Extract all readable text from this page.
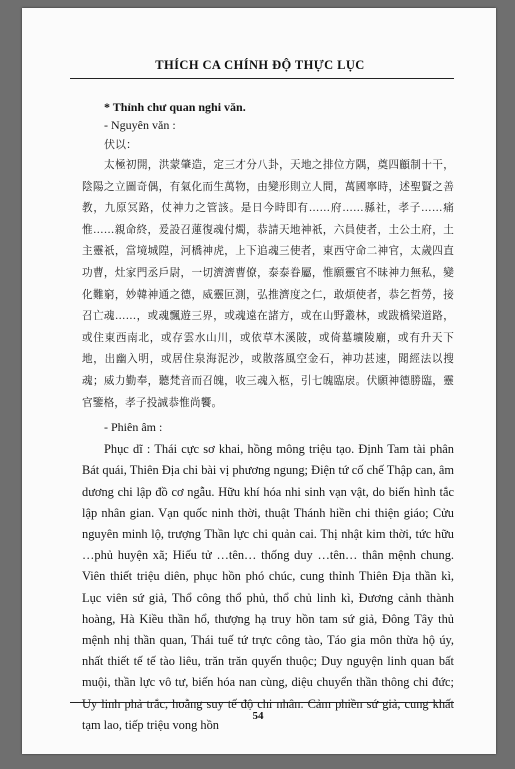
THÍCH CA CHÍNH ĐỘ THỰC LỤC
* Thỉnh chư quan nghi văn.
- Nguyên văn :
伏以：

太極初開，洪蒙肇造，定三才分八卦，天地之排位方隅，奠四顧制十干，陰陽之立圖奇偶，有氣化而生萬物，由變形則立人間，萬國寧時，述聖賢之善教，九原冥路，仗神力之管該。是日今時即有……府……縣社，孝子……痛惟……親命終，爰設召蓮復魂付燭，恭請天地神祇，六員使者，土公土府，土主靈祇，當境城隍，河橋神虎，上下追魂三使者，東西守命二神官，太歲四直功曹，灶家門丞戶尉，一切濟濟曹僚，泰泰眷屬，惟願靈官不昧神力無私，變化難窮，妙韓神通之德，威靈叵測，弘推濟度之仁，敢煩使者，恭乞哲勞，接召亡魂……，或魂飄遊三界，或魂遠在諸方，或在山野叢林，或跋橋梁道路，或住東西南北，或存雲水山川，或依草木溪陂，或倚墓壙陵廟，或有升天下地，出幽入明，或居住泉海泥沙，或散落風空金石，神功甚速，聞經法以搜魂；威力勤奉，聽梵音而召魄，收三魂入柩，引七魄臨扆。伏願神德勝臨，靈官鑒格，孝子投誠恭惟尚饗。

- Phiên âm :

Phục dĩ : Thái cực sơ khai, hồng mông triệu tạo. Định Tam tài phân Bát quái, Thiên Địa chi bài vị phương ngung; Điện tứ cố chế Thập can, âm dương chi lập đồ cơ ngẫu. Hữu khí hóa nhi sinh vạn vật, do biến hình tắc lập nhân gian. Vạn quốc ninh thời, thuật Thánh hiền chi thiện giáo; Cửu nguyên minh lộ, trượng Thần lực chi quản cai. Thị nhật kim thời, tức hữu …phủ huyện xã; Hiếu tử …tên… thống duy …tên… thân mệnh chung. Viên thiết triệu diên, phục hồn phó chúc, cung thỉnh Thiên Địa thần kì, Lục viên sứ giả, Thổ công thổ phủ, thổ chủ linh kì, Đương cảnh thành hoàng, Hà Kiều thần hổ, thượng hạ truy hồn tam sứ giả, Đông Tây thủ mệnh nhị thần quan, Thái tuế tứ trực công tào, Táo gia môn thừa hộ úy, nhất thiết tế tế tào liêu, trăn trăn quyến thuộc; Duy nguyện linh quan bất muội, thần lực vô tư, biến hóa nan cùng, diệu chuyển thần thông chi đức; Uy linh phả trắc, hoằng suy tế độ chi nhân. Cảm phiền sứ giả, cung khất tạm lao, tiếp triệu vong hồn

54
